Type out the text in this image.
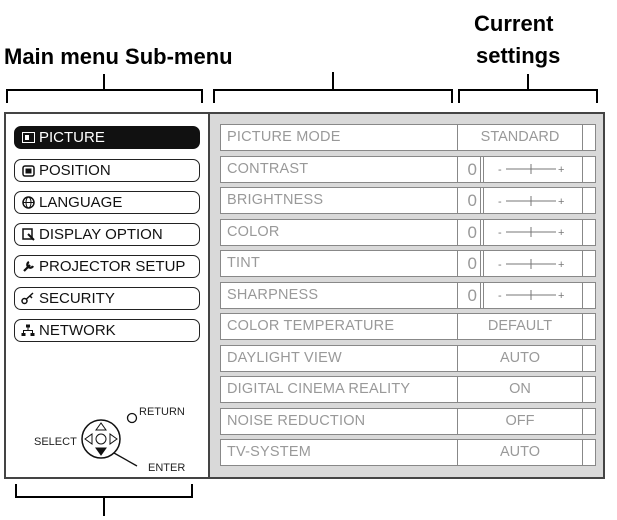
Main menu Sub-menu
Current
settings
PICTURE
POSITION
LANGUAGE
DISPLAY OPTION
PROJECTOR SETUP
SECURITY
NETWORK
SELECT
RETURN
ENTER
PICTURE MODE	STANDARD
CONTRAST	0	-	+
BRIGHTNESS	0	-	+
COLOR	0	-	+
TINT	0	-	+
SHARPNESS	0	-	+
COLOR TEMPERATURE	DEFAULT
DAYLIGHT VIEW	AUTO
DIGITAL CINEMA REALITY	ON
NOISE REDUCTION	OFF
TV-SYSTEM	AUTO
